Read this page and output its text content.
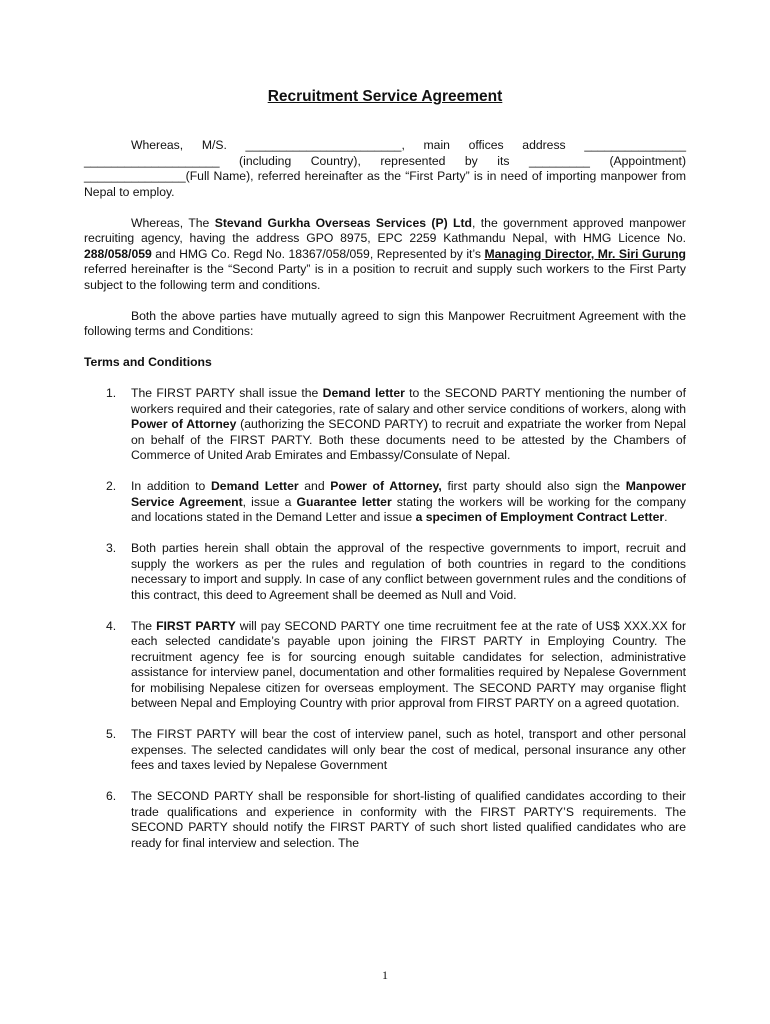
Recruitment Service Agreement

Whereas, M/S. _______________________, main offices address _______________ ____________________ (including Country), represented by its _________ (Appointment) _______________(Full Name), referred hereinafter as the “First Party” is in need of importing manpower from Nepal to employ.

Whereas, The Stevand Gurkha Overseas Services (P) Ltd, the government approved manpower recruiting agency, having the address GPO 8975, EPC 2259 Kathmandu Nepal, with HMG Licence No. 288/058/059 and HMG Co. Regd No. 18367/058/059, Represented by it’s Managing Director, Mr. Siri Gurung referred hereinafter is the “Second Party” is in a position to recruit and supply such workers to the First Party subject to the following term and conditions.

Both the above parties have mutually agreed to sign this Manpower Recruitment Agreement with the following terms and Conditions:

Terms and Conditions
1. The FIRST PARTY shall issue the Demand letter to the SECOND PARTY mentioning the number of workers required and their categories, rate of salary and other service conditions of workers, along with Power of Attorney (authorizing the SECOND PARTY) to recruit and expatriate the worker from Nepal on behalf of the FIRST PARTY. Both these documents need to be attested by the Chambers of Commerce of United Arab Emirates and Embassy/Consulate of Nepal.
2. In addition to Demand Letter and Power of Attorney, first party should also sign the Manpower Service Agreement, issue a Guarantee letter stating the workers will be working for the company and locations stated in the Demand Letter and issue a specimen of Employment Contract Letter.
3. Both parties herein shall obtain the approval of the respective governments to import, recruit and supply the workers as per the rules and regulation of both countries in regard to the conditions necessary to import and supply. In case of any conflict between government rules and the conditions of this contract, this deed to Agreement shall be deemed as Null and Void.
4. The FIRST PARTY will pay SECOND PARTY one time recruitment fee at the rate of US$ XXX.XX for each selected candidate’s payable upon joining the FIRST PARTY in Employing Country. The recruitment agency fee is for sourcing enough suitable candidates for selection, administrative assistance for interview panel, documentation and other formalities required by Nepalese Government for mobilising Nepalese citizen for overseas employment. The SECOND PARTY may organise flight between Nepal and Employing Country with prior approval from FIRST PARTY on a agreed quotation.
5. The FIRST PARTY will bear the cost of interview panel, such as hotel, transport and other personal expenses. The selected candidates will only bear the cost of medical, personal insurance any other fees and taxes levied by Nepalese Government
6. The SECOND PARTY shall be responsible for short-listing of qualified candidates according to their trade qualifications and experience in conformity with the FIRST PARTY’S requirements. The SECOND PARTY should notify the FIRST PARTY of such short listed qualified candidates who are ready for final interview and selection. The
1
